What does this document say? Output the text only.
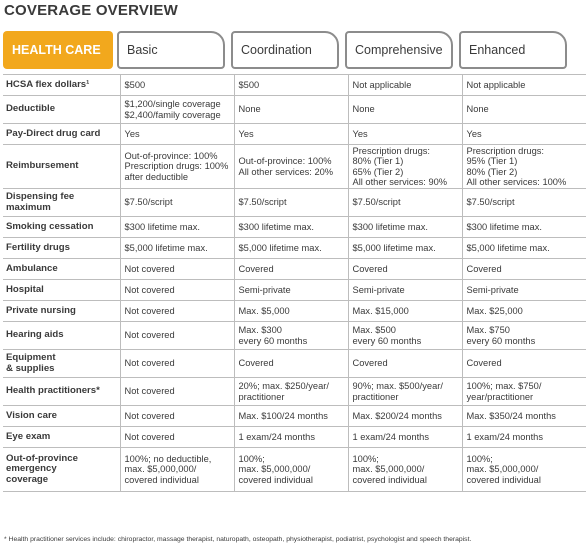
COVERAGE OVERVIEW
HEALTH CARE	Basic	Coordination	Comprehensive	Enhanced
HCSA flex dollars¹	$500	$500	Not applicable	Not applicable
Deductible	$1,200/single coverage
$2,400/family coverage	None	None	None
Pay-Direct drug card	Yes	Yes	Yes	Yes
Reimbursement	Out-of-province: 100%
Prescription drugs: 100%
after deductible	Out-of-province: 100%
All other services: 20%	Prescription drugs:
80% (Tier 1)
65% (Tier 2)
All other services: 90%	Prescription drugs:
95% (Tier 1)
80% (Tier 2)
All other services: 100%
Dispensing fee
maximum	$7.50/script	$7.50/script	$7.50/script	$7.50/script
Smoking cessation	$300 lifetime max.	$300 lifetime max.	$300 lifetime max.	$300 lifetime max.
Fertility drugs	$5,000 lifetime max.	$5,000 lifetime max.	$5,000 lifetime max.	$5,000 lifetime max.
Ambulance	Not covered	Covered	Covered	Covered
Hospital	Not covered	Semi-private	Semi-private	Semi-private
Private nursing	Not covered	Max. $5,000	Max. $15,000	Max. $25,000
Hearing aids	Not covered	Max. $300
every 60 months	Max. $500
every 60 months	Max. $750
every 60 months
Equipment
& supplies	Not covered	Covered	Covered	Covered
Health practitioners*	Not covered	20%; max. $250/year/
practitioner	90%; max. $500/year/
practitioner	100%; max. $750/
year/practitioner
Vision care	Not covered	Max. $100/24 months	Max. $200/24 months	Max. $350/24 months
Eye exam	Not covered	1 exam/24 months	1 exam/24 months	1 exam/24 months
Out-of-province
emergency
coverage	100%; no deductible,
max. $5,000,000/
covered individual	100%;
max. $5,000,000/
covered individual	100%;
max. $5,000,000/
covered individual	100%;
max. $5,000,000/
covered individual
* Health practitioner services include: chiropractor, massage therapist, naturopath, osteopath, physiotherapist, podiatrist, psychologist and speech therapist.
